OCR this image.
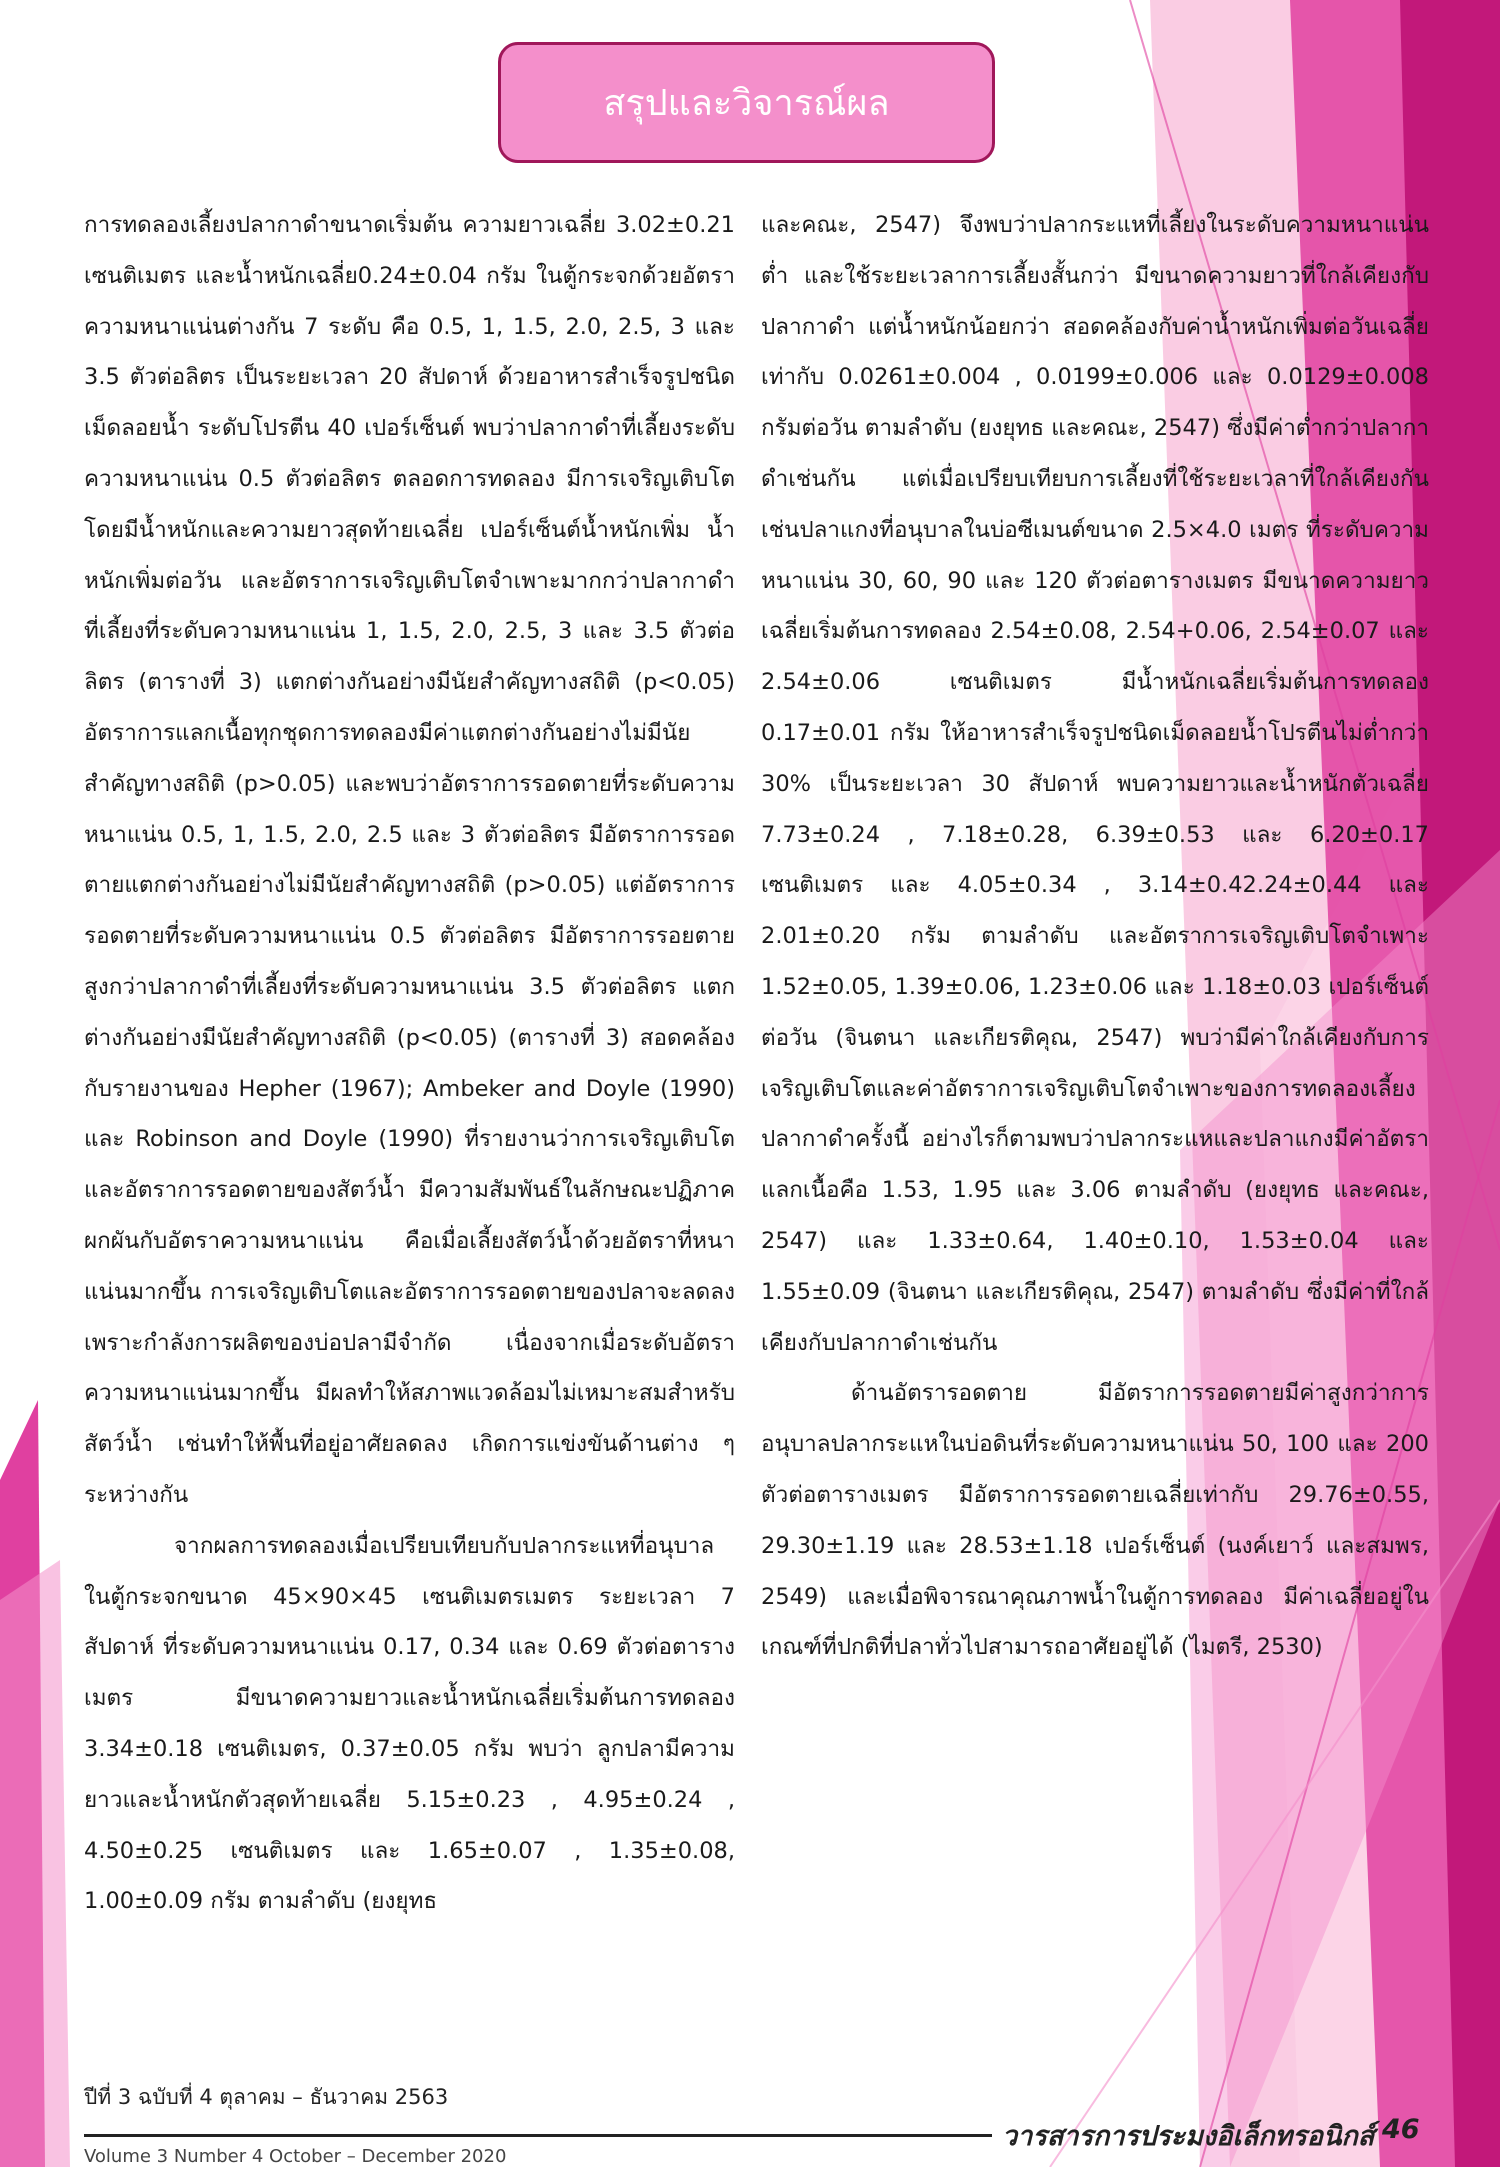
สรุปและวิจารณ์ผล

การทดลองเลี้ยงปลากาดำขนาดเริ่มต้น ความยาวเฉลี่ย 3.02±0.21 เซนติเมตร และน้ำหนักเฉลี่ย0.24±0.04 กรัม ในตู้กระจกด้วยอัตราความหนาแน่นต่างกัน 7 ระดับ คือ 0.5, 1, 1.5, 2.0, 2.5, 3 และ 3.5 ตัวต่อลิตร เป็นระยะเวลา 20 สัปดาห์ ด้วยอาหารสำเร็จรูปชนิดเม็ดลอยน้ำ ระดับโปรตีน 40 เปอร์เซ็นต์ พบว่าปลากาดำที่เลี้ยงระดับความหนาแน่น 0.5 ตัวต่อลิตร ตลอดการทดลอง มีการเจริญเติบโตโดยมีน้ำหนักและความยาวสุดท้ายเฉลี่ย เปอร์เซ็นต์น้ำหนักเพิ่ม น้ำหนักเพิ่มต่อวัน และอัตราการเจริญเติบโตจำเพาะมากกว่าปลากาดำที่เลี้ยงที่ระดับความหนาแน่น 1, 1.5, 2.0, 2.5, 3 และ 3.5 ตัวต่อลิตร (ตารางที่ 3) แตกต่างกันอย่างมีนัยสำคัญทางสถิติ (p<0.05) อัตราการแลกเนื้อทุกชุดการทดลองมีค่าแตกต่างกันอย่างไม่มีนัยสำคัญทางสถิติ (p>0.05) และพบว่าอัตราการรอดตายที่ระดับความหนาแน่น 0.5, 1, 1.5, 2.0, 2.5 และ 3 ตัวต่อลิตร มีอัตราการรอดตายแตกต่างกันอย่างไม่มีนัยสำคัญทางสถิติ (p>0.05) แต่อัตราการรอดตายที่ระดับความหนาแน่น 0.5 ตัวต่อลิตร มีอัตราการรอยตายสูงกว่าปลากาดำที่เลี้ยงที่ระดับความหนาแน่น 3.5 ตัวต่อลิตร แตกต่างกันอย่างมีนัยสำคัญทางสถิติ (p<0.05) (ตารางที่ 3) สอดคล้องกับรายงานของ Hepher (1967); Ambeker and Doyle (1990) และ Robinson and Doyle (1990) ที่รายงานว่าการเจริญเติบโตและอัตราการรอดตายของสัตว์น้ำ มีความสัมพันธ์ในลักษณะปฏิภาคผกผันกับอัตราความหนาแน่น คือเมื่อเลี้ยงสัตว์น้ำด้วยอัตราที่หนาแน่นมากขึ้น การเจริญเติบโตและอัตราการรอดตายของปลาจะลดลง เพราะกำลังการผลิตของบ่อปลามีจำกัด เนื่องจากเมื่อระดับอัตราความหนาแน่นมากขึ้น มีผลทำให้สภาพแวดล้อมไม่เหมาะสมสำหรับสัตว์น้ำ เช่นทำให้พื้นที่อยู่อาศัยลดลง เกิดการแข่งขันด้านต่าง ๆ ระหว่างกัน

จากผลการทดลองเมื่อเปรียบเทียบกับปลากระแหที่อนุบาลในตู้กระจกขนาด 45×90×45 เซนติเมตรเมตร ระยะเวลา 7 สัปดาห์ ที่ระดับความหนาแน่น 0.17, 0.34 และ 0.69 ตัวต่อตารางเมตร มีขนาดความยาวและน้ำหนักเฉลี่ยเริ่มต้นการทดลอง 3.34±0.18 เซนติเมตร, 0.37±0.05 กรัม พบว่า ลูกปลามีความยาวและน้ำหนักตัวสุดท้ายเฉลี่ย 5.15±0.23 , 4.95±0.24 , 4.50±0.25 เซนติเมตร และ 1.65±0.07 , 1.35±0.08, 1.00±0.09 กรัม ตามลำดับ (ยงยุทธ

และคณะ, 2547) จึงพบว่าปลากระแหที่เลี้ยงในระดับความหนาแน่นต่ำ และใช้ระยะเวลาการเลี้ยงสั้นกว่า มีขนาดความยาวที่ใกล้เคียงกับปลากาดำ แต่น้ำหนักน้อยกว่า สอดคล้องกับค่าน้ำหนักเพิ่มต่อวันเฉลี่ยเท่ากับ 0.0261±0.004 , 0.0199±0.006 และ 0.0129±0.008 กรัมต่อวัน ตามลำดับ (ยงยุทธ และคณะ, 2547) ซึ่งมีค่าต่ำกว่าปลากาดำเช่นกัน แต่เมื่อเปรียบเทียบการเลี้ยงที่ใช้ระยะเวลาที่ใกล้เคียงกัน เช่นปลาแกงที่อนุบาลในบ่อซีเมนต์ขนาด 2.5×4.0 เมตร ที่ระดับความหนาแน่น 30, 60, 90 และ 120 ตัวต่อตารางเมตร มีขนาดความยาวเฉลี่ยเริ่มต้นการทดลอง 2.54±0.08, 2.54+0.06, 2.54±0.07 และ 2.54±0.06 เซนติเมตร มีน้ำหนักเฉลี่ยเริ่มต้นการทดลอง 0.17±0.01 กรัม ให้อาหารสำเร็จรูปชนิดเม็ดลอยน้ำโปรตีนไม่ต่ำกว่า 30% เป็นระยะเวลา 30 สัปดาห์ พบความยาวและน้ำหนักตัวเฉลี่ย 7.73±0.24 , 7.18±0.28, 6.39±0.53 และ 6.20±0.17 เซนติเมตร และ 4.05±0.34 , 3.14±0.42.24±0.44 และ 2.01±0.20 กรัม ตามลำดับ และอัตราการเจริญเติบโตจำเพาะ 1.52±0.05, 1.39±0.06, 1.23±0.06 และ 1.18±0.03 เปอร์เซ็นต์ต่อวัน (จินตนา และเกียรติคุณ, 2547) พบว่ามีค่าใกล้เคียงกับการเจริญเติบโตและค่าอัตราการเจริญเติบโตจำเพาะของการทดลองเลี้ยงปลากาดำครั้งนี้ อย่างไรก็ตามพบว่าปลากระแหและปลาแกงมีค่าอัตราแลกเนื้อคือ 1.53, 1.95 และ 3.06 ตามลำดับ (ยงยุทธ และคณะ, 2547) และ 1.33±0.64, 1.40±0.10, 1.53±0.04 และ 1.55±0.09 (จินตนา และเกียรติคุณ, 2547) ตามลำดับ ซึ่งมีค่าที่ใกล้เคียงกับปลากาดำเช่นกัน

ด้านอัตรารอดตาย มีอัตราการรอดตายมีค่าสูงกว่าการอนุบาลปลากระแหในบ่อดินที่ระดับความหนาแน่น 50, 100 และ 200 ตัวต่อตารางเมตร มีอัตราการรอดตายเฉลี่ยเท่ากับ 29.76±0.55, 29.30±1.19 และ 28.53±1.18 เปอร์เซ็นต์ (นงค์เยาว์ และสมพร, 2549) และเมื่อพิจารณาคุณภาพน้ำในตู้การทดลอง มีค่าเฉลี่ยอยู่ในเกณฑ์ที่ปกติที่ปลาทั่วไปสามารถอาศัยอยู่ได้ (ไมตรี, 2530)

ปีที่ 3 ฉบับที่ 4 ตุลาคม – ธันวาคม 2563
Volume 3 Number 4 October – December 2020
วารสารการประมงอิเล็กทรอนิกส์ 46
